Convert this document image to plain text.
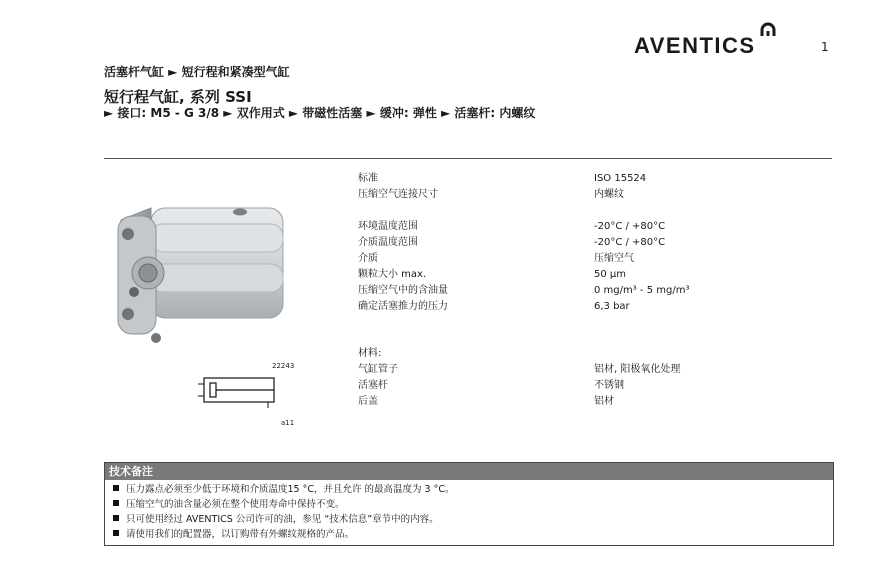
AVENTICS	1
活塞杆气缸 ► 短行程和紧凑型气缸
短行程气缸, 系列 SSI
► 接口: M5 - G 3/8 ► 双作用式 ► 带磁性活塞 ► 缓冲: 弹性 ► 活塞杆: 内螺纹
22243
a11
标准	ISO 15524
压缩空气连接尺寸	内螺纹
环境温度范围	-20°C / +80°C
介质温度范围	-20°C / +80°C
介质	压缩空气
颗粒大小 max.	50 µm
压缩空气中的含油量	0 mg/m³ - 5 mg/m³
确定活塞推力的压力	6,3 bar
材料:
气缸管子	铝材, 阳极氧化处理
活塞杆	不锈钢
后盖	铝材
技术备注
压力露点必须至少低于环境和介质温度15 °C，并且允许 的最高温度为 3 °C。
压缩空气的油含量必须在整个使用寿命中保持不变。
只可使用经过 AVENTICS 公司许可的油，参见 “技术信息”章节中的内容。
请使用我们的配置器，以订购带有外螺纹规格的产品。
